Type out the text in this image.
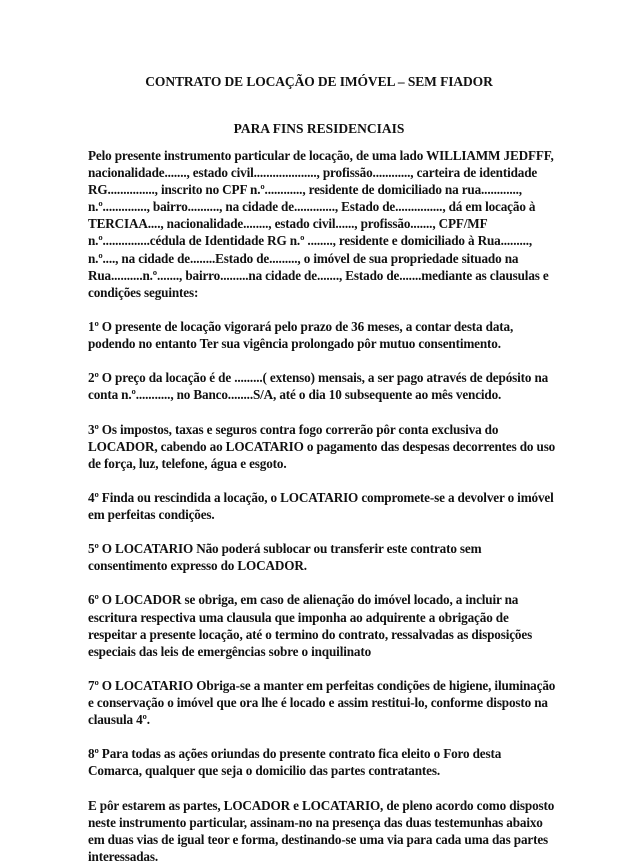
CONTRATO DE LOCAÇÃO DE IMÓVEL – SEM FIADOR
PARA FINS RESIDENCIAIS

Pelo presente instrumento particular de locação, de uma lado WILLIAMM JEDFFF, nacionalidade......., estado civil...................., profissão............, carteira de identidade RG..............., inscrito no CPF n.º............, residente de domiciliado na rua............, n.º.............., bairro.........., na cidade de............., Estado de..............., dá em locação à TERCIAA...., nacionalidade........, estado civil......, profissão......., CPF/MF n.º...............cédula de Identidade RG n.º ........, residente e domiciliado à Rua........., n.º...., na cidade de........Estado de........., o imóvel de sua propriedade situado na Rua..........n.º......., bairro.........na cidade de......., Estado de.......mediante as clausulas e condições seguintes:

1º O presente de locação vigorará pelo prazo de 36 meses, a contar desta data, podendo no entanto Ter sua vigência prolongado pôr mutuo consentimento.

2º O preço da locação é de .........( extenso) mensais, a ser pago através de depósito na conta n.º..........., no Banco........S/A, até o dia 10 subsequente ao mês vencido.

3º Os impostos, taxas e seguros contra fogo correrão pôr conta exclusiva do LOCADOR, cabendo ao LOCATARIO o pagamento das despesas decorrentes do uso de força, luz, telefone, água e esgoto.

4º Finda ou rescindida a locação, o LOCATARIO compromete-se a devolver o imóvel em perfeitas condições.

5º O LOCATARIO Não poderá sublocar ou transferir este contrato sem consentimento expresso do LOCADOR.

6º O LOCADOR se obriga, em caso de alienação do imóvel locado, a incluir na escritura respectiva uma clausula que imponha ao adquirente a obrigação de respeitar a presente locação, até o termino do contrato, ressalvadas as disposições especiais das leis de emergências sobre o inquilinato

7º O LOCATARIO Obriga-se a manter em perfeitas condições de higiene, iluminação e conservação o imóvel que ora lhe é locado e assim restitui-lo, conforme disposto na clausula 4º.

8º Para todas as ações oriundas do presente contrato fica eleito o Foro desta Comarca, qualquer que seja o domicilio das partes contratantes.

E pôr estarem as partes, LOCADOR e LOCATARIO, de pleno acordo como disposto neste instrumento particular, assinam-no na presença das duas testemunhas abaixo em duas vias de igual teor e forma, destinando-se uma via para cada uma das partes interessadas.
